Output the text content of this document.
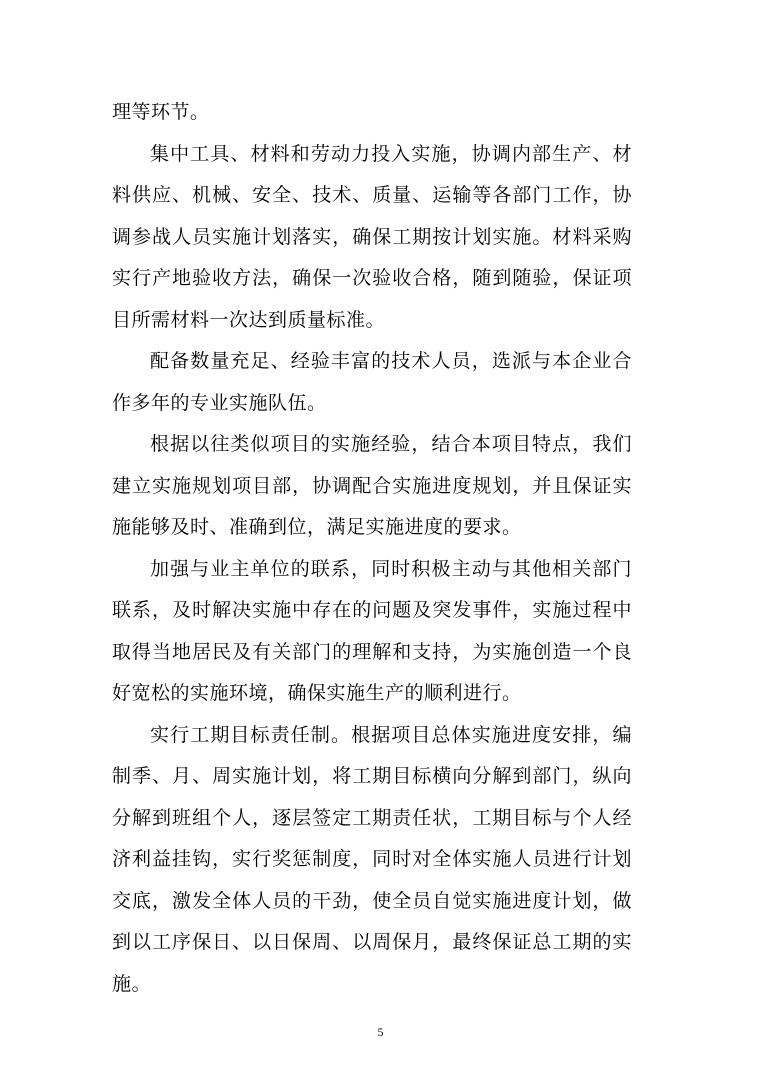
理等环节。

集中工具、材料和劳动力投入实施，协调内部生产、材料供应、机械、安全、技术、质量、运输等各部门工作，协调参战人员实施计划落实，确保工期按计划实施。材料采购实行产地验收方法，确保一次验收合格，随到随验，保证项目所需材料一次达到质量标准。

配备数量充足、经验丰富的技术人员，选派与本企业合作多年的专业实施队伍。

根据以往类似项目的实施经验，结合本项目特点，我们建立实施规划项目部，协调配合实施进度规划，并且保证实施能够及时、准确到位，满足实施进度的要求。

加强与业主单位的联系，同时积极主动与其他相关部门联系，及时解决实施中存在的问题及突发事件，实施过程中取得当地居民及有关部门的理解和支持，为实施创造一个良好宽松的实施环境，确保实施生产的顺利进行。

实行工期目标责任制。根据项目总体实施进度安排，编制季、月、周实施计划，将工期目标横向分解到部门，纵向分解到班组个人，逐层签定工期责任状，工期目标与个人经济利益挂钩，实行奖惩制度，同时对全体实施人员进行计划交底，激发全体人员的干劲，使全员自觉实施进度计划，做到以工序保日、以日保周、以周保月，最终保证总工期的实施。

5
